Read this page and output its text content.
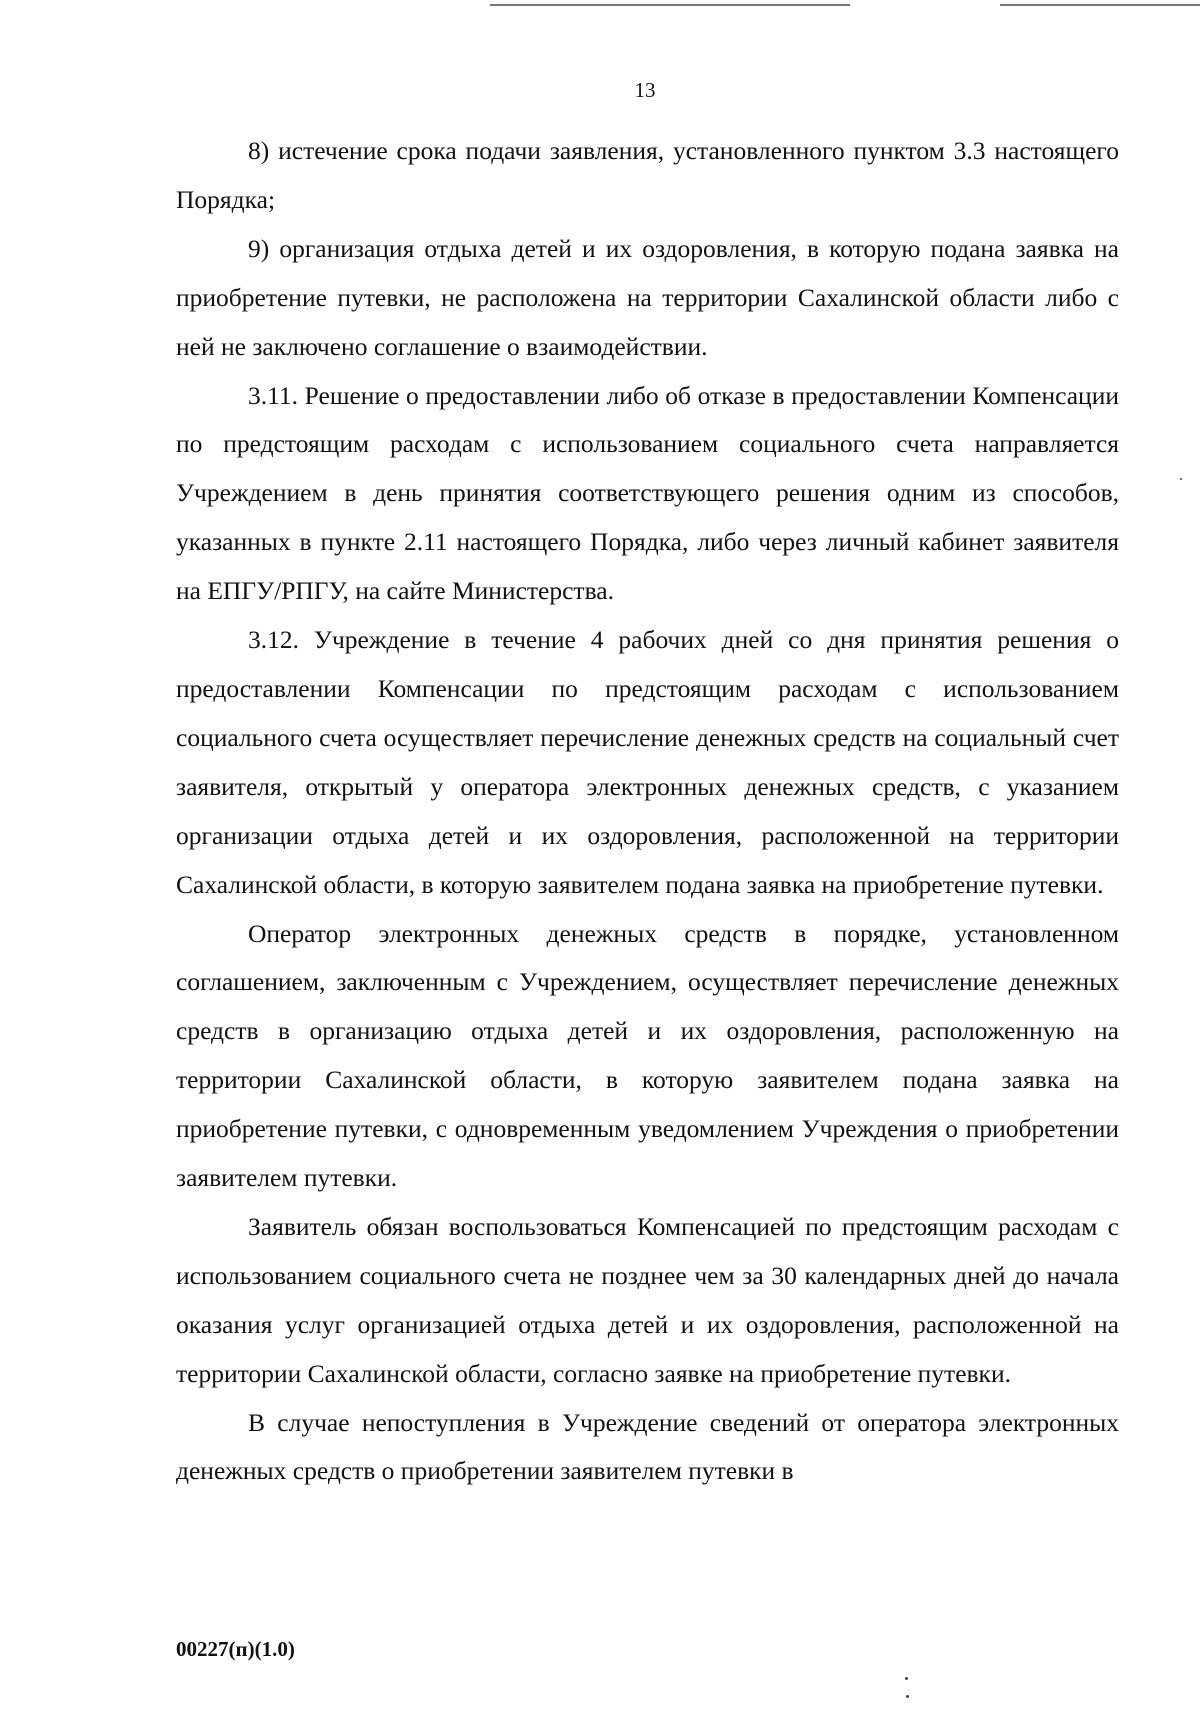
13

8) истечение срока подачи заявления, установленного пунктом 3.3 настоящего Порядка;

9) организация отдыха детей и их оздоровления, в которую подана заявка на приобретение путевки, не расположена на территории Сахалинской области либо с ней не заключено соглашение о взаимодействии.

3.11. Решение о предоставлении либо об отказе в предоставлении Компенсации по предстоящим расходам с использованием социального счета направляется Учреждением в день принятия соответствующего решения одним из способов, указанных в пункте 2.11 настоящего Порядка, либо через личный кабинет заявителя на ЕПГУ/РПГУ, на сайте Министерства.

3.12. Учреждение в течение 4 рабочих дней со дня принятия решения о предоставлении Компенсации по предстоящим расходам с использованием социального счета осуществляет перечисление денежных средств на социальный счет заявителя, открытый у оператора электронных денежных средств, с указанием организации отдыха детей и их оздоровления, расположенной на территории Сахалинской области, в которую заявителем подана заявка на приобретение путевки.

Оператор электронных денежных средств в порядке, установленном соглашением, заключенным с Учреждением, осуществляет перечисление денежных средств в организацию отдыха детей и их оздоровления, расположенную на территории Сахалинской области, в которую заявителем подана заявка на приобретение путевки, с одновременным уведомлением Учреждения о приобретении заявителем путевки.

Заявитель обязан воспользоваться Компенсацией по предстоящим расходам с использованием социального счета не позднее чем за 30 календарных дней до начала оказания услуг организацией отдыха детей и их оздоровления, расположенной на территории Сахалинской области, согласно заявке на приобретение путевки.

В случае непоступления в Учреждение сведений от оператора электронных денежных средств о приобретении заявителем путевки в

00227(п)(1.0)
